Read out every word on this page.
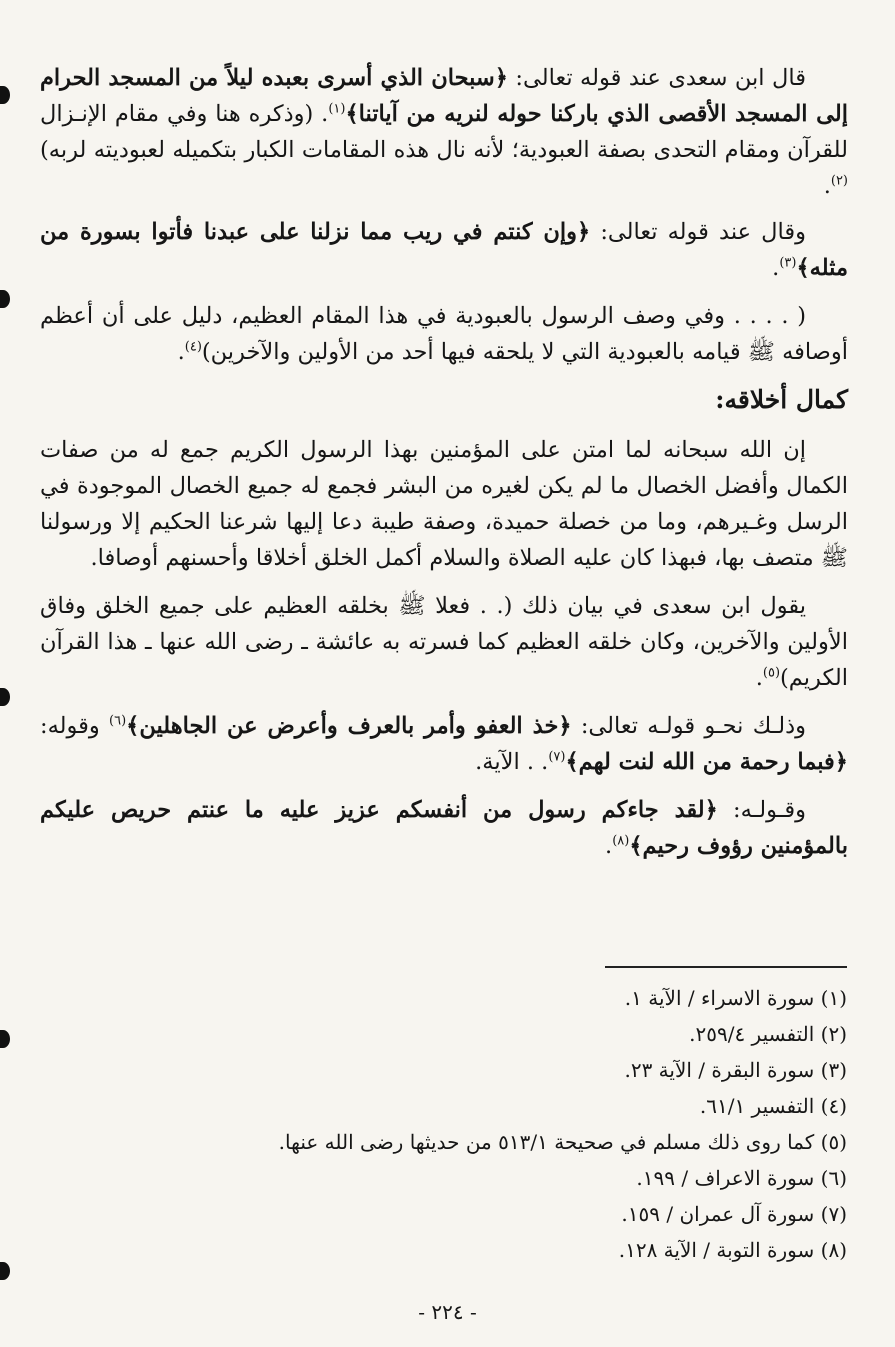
قال ابن سعدى عند قوله تعالى: ﴿سبحان الذي أسرى بعبده ليلاً من المسجد الحرام إلى المسجد الأقصى الذي باركنا حوله لنريه من آياتنا﴾$^{(١)}$. (وذكره هنا وفي مقام الإنـزال للقرآن ومقام التحدى بصفة العبودية؛ لأنه نال هذه المقامات الكبار بتكميله لعبوديته لربه)$^{(٢)}$.

وقال عند قوله تعالى: ﴿وإن كنتم في ريب مما نزلنا على عبدنا فأتوا بسورة من مثله﴾$^{(٣)}$.

( . . . . وفي وصف الرسول بالعبودية في هذا المقام العظيم، دليل على أن أعظم أوصافه ﷺ قيامه بالعبودية التي لا يلحقه فيها أحد من الأولين والآخرين)$^{(٤)}$.

كمال أخلاقه:

إن الله سبحانه لما امتن على المؤمنين بهذا الرسول الكريم جمع له من صفات الكمال وأفضل الخصال ما لم يكن لغيره من البشر فجمع له جميع الخصال الموجودة في الرسل وغـيرهم، وما من خصلة حميدة، وصفة طيبة دعا إليها شرعنا الحكيم إلا ورسولنا ﷺ متصف بها، فبهذا كان عليه الصلاة والسلام أكمل الخلق أخلاقا وأحسنهم أوصافا.

يقول ابن سعدى في بيان ذلك (. . فعلا ﷺ بخلقه العظيم على جميع الخلق وفاق الأولين والآخرين، وكان خلقه العظيم كما فسرته به عائشة ـ رضى الله عنها ـ هذا القرآن الكريم)$^{(٥)}$.

وذلـك نحـو قولـه تعالى: ﴿خذ العفو وأمر بالعرف وأعرض عن الجاهلين﴾$^{(٦)}$ وقوله: ﴿فبما رحمة من الله لنت لهم﴾$^{(٧)}$. . الآية.

وقـولـه: ﴿لقد جاءكم رسول من أنفسكم عزيز عليه ما عنتم حريص عليكم بالمؤمنين رؤوف رحيم﴾$^{(٨)}$.

(١) سورة الاسراء / الآية ١.
(٢) التفسير ٢٥٩/٤.
(٣) سورة البقرة / الآية ٢٣.
(٤) التفسير ٦١/١.
(٥) كما روى ذلك مسلم في صحيحة ٥١٣/١ من حديثها رضى الله عنها.
(٦) سورة الاعراف / ١٩٩.
(٧) سورة آل عمران / ١٥٩.
(٨) سورة التوبة / الآية ١٢٨.
- ٢٢٤ -
